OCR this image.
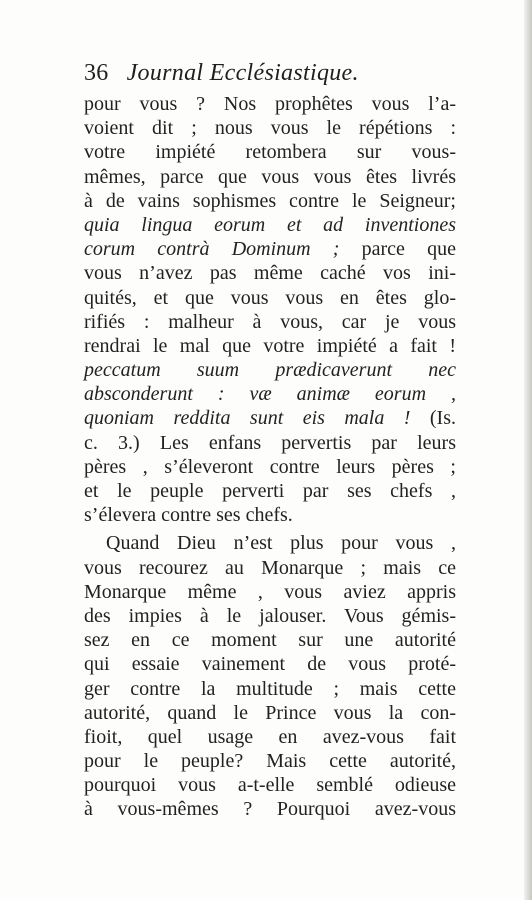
36 Journal Ecclésiastique.
pour vous ? Nos prophêtes vous l’a-
voient dit ; nous vous le répétions :
votre impiété retombera sur vous-
mêmes, parce que vous vous êtes livrés
à de vains sophismes contre le Seigneur;
quia lingua eorum et ad inventiones
corum contrà Dominum ; parce que
vous n’avez pas même caché vos ini-
quités, et que vous vous en êtes glo-
rifiés : malheur à vous, car je vous
rendrai le mal que votre impiété a fait !
peccatum suum prædicaverunt nec
absconderunt : væ animæ eorum ,
quoniam reddita sunt eis mala ! (Is.
c. 3.) Les enfans pervertis par leurs
pères , s’éleveront contre leurs pères ;
et le peuple perverti par ses chefs ,
s’élevera contre ses chefs.
Quand Dieu n’est plus pour vous ,
vous recourez au Monarque ; mais ce
Monarque même , vous aviez appris
des impies à le jalouser. Vous gémis-
sez en ce moment sur une autorité
qui essaie vainement de vous proté-
ger contre la multitude ; mais cette
autorité, quand le Prince vous la con-
fioit, quel usage en avez-vous fait
pour le peuple? Mais cette autorité,
pourquoi vous a-t-elle semblé odieuse
à vous-mêmes ? Pourquoi avez-vous
